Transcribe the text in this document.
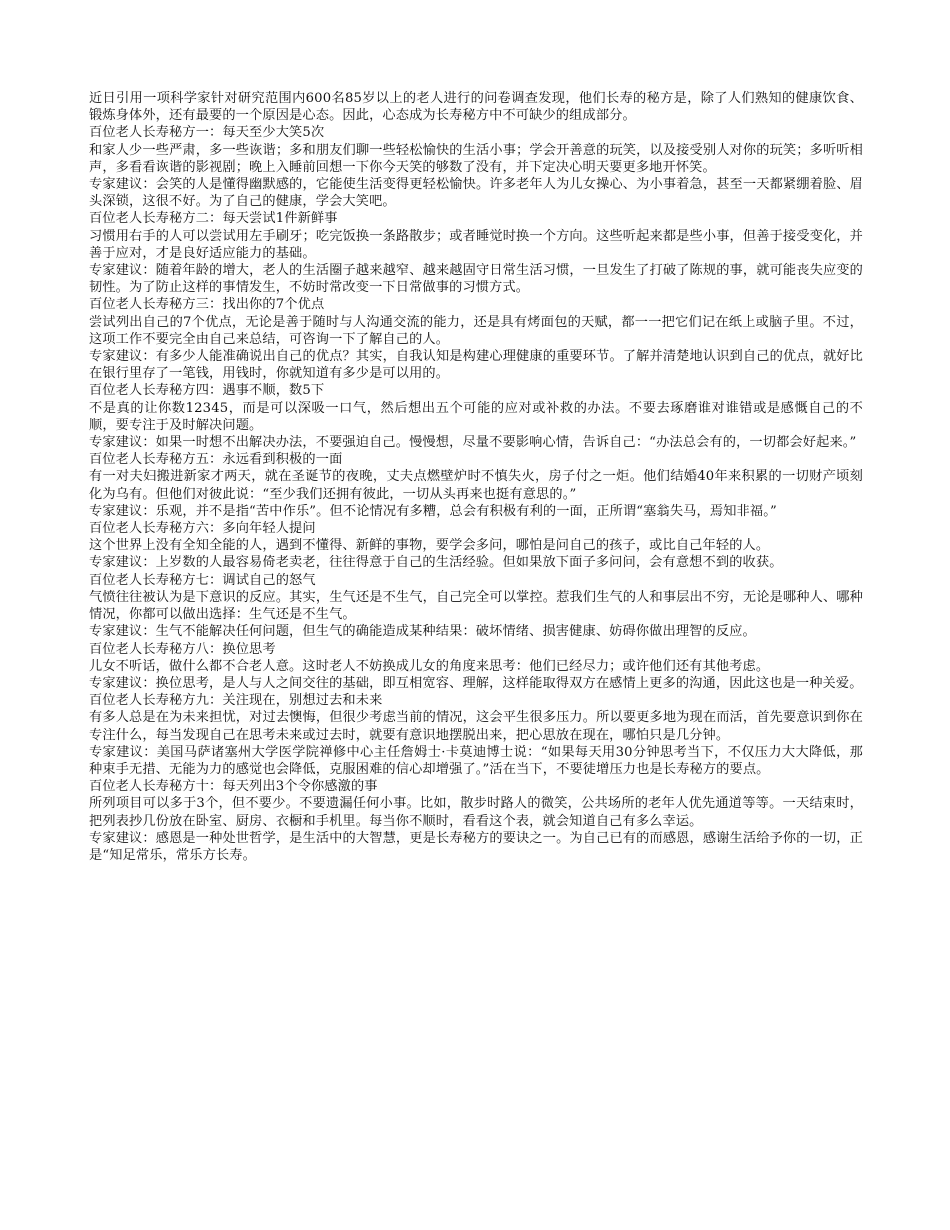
近日引用一项科学家针对研究范围内600名85岁以上的老人进行的问卷调查发现，他们长寿的秘方是，除了人们熟知的健康饮食、锻炼身体外，还有最要的一个原因是心态。因此，心态成为长寿秘方中不可缺少的组成部分。

百位老人长寿秘方一：每天至少大笑5次

和家人少一些严肃，多一些诙谐；多和朋友们聊一些轻松愉快的生活小事；学会开善意的玩笑，以及接受别人对你的玩笑；多听听相声，多看看诙谐的影视剧；晚上入睡前回想一下你今天笑的够数了没有，并下定决心明天要更多地开怀笑。

专家建议：会笑的人是懂得幽默感的，它能使生活变得更轻松愉快。许多老年人为儿女操心、为小事着急，甚至一天都紧绷着脸、眉头深锁，这很不好。为了自己的健康，学会大笑吧。

百位老人长寿秘方二：每天尝试1件新鲜事

习惯用右手的人可以尝试用左手刷牙；吃完饭换一条路散步；或者睡觉时换一个方向。这些听起来都是些小事，但善于接受变化，并善于应对，才是良好适应能力的基础。

专家建议：随着年龄的增大，老人的生活圈子越来越窄、越来越固守日常生活习惯，一旦发生了打破了陈规的事，就可能丧失应变的韧性。为了防止这样的事情发生，不妨时常改变一下日常做事的习惯方式。

百位老人长寿秘方三：找出你的7个优点

尝试列出自己的7个优点，无论是善于随时与人沟通交流的能力，还是具有烤面包的天赋，都一一把它们记在纸上或脑子里。不过，这项工作不要完全由自己来总结，可咨询一下了解自己的人。

专家建议：有多少人能准确说出自己的优点？其实，自我认知是构建心理健康的重要环节。了解并清楚地认识到自己的优点，就好比在银行里存了一笔钱，用钱时，你就知道有多少是可以用的。

百位老人长寿秘方四：遇事不顺，数5下

不是真的让你数12345，而是可以深吸一口气，然后想出五个可能的应对或补救的办法。不要去琢磨谁对谁错或是感慨自己的不顺，要专注于及时解决问题。

专家建议：如果一时想不出解决办法，不要强迫自己。慢慢想，尽量不要影响心情，告诉自己：“办法总会有的，一切都会好起来。”

百位老人长寿秘方五：永远看到积极的一面

有一对夫妇搬进新家才两天，就在圣诞节的夜晚，丈夫点燃壁炉时不慎失火，房子付之一炬。他们结婚40年来积累的一切财产顷刻化为乌有。但他们对彼此说：“至少我们还拥有彼此，一切从头再来也挺有意思的。”

专家建议：乐观，并不是指“苦中作乐”。但不论情况有多糟，总会有积极有利的一面，正所谓“塞翁失马，焉知非福。”

百位老人长寿秘方六：多向年轻人提问

这个世界上没有全知全能的人，遇到不懂得、新鲜的事物，要学会多问，哪怕是问自己的孩子，或比自己年轻的人。

专家建议：上岁数的人最容易倚老卖老，往往得意于自己的生活经验。但如果放下面子多问问，会有意想不到的收获。

百位老人长寿秘方七：调试自己的怒气

气愤往往被认为是下意识的反应。其实，生气还是不生气，自己完全可以掌控。惹我们生气的人和事层出不穷，无论是哪种人、哪种情况，你都可以做出选择：生气还是不生气。

专家建议：生气不能解决任何问题，但生气的确能造成某种结果：破坏情绪、损害健康、妨碍你做出理智的反应。

百位老人长寿秘方八：换位思考

儿女不听话，做什么都不合老人意。这时老人不妨换成儿女的角度来思考：他们已经尽力；或许他们还有其他考虑。

专家建议：换位思考，是人与人之间交往的基础，即互相宽容、理解，这样能取得双方在感情上更多的沟通，因此这也是一种关爱。

百位老人长寿秘方九：关注现在，别想过去和未来

有多人总是在为未来担忧，对过去懊悔，但很少考虑当前的情况，这会平生很多压力。所以要更多地为现在而活，首先要意识到你在专注什么，每当发现自己在思考未来或过去时，就要有意识地摆脱出来，把心思放在现在，哪怕只是几分钟。

专家建议：美国马萨诸塞州大学医学院禅修中心主任詹姆士·卡莫迪博士说：“如果每天用30分钟思考当下，不仅压力大大降低，那种束手无措、无能为力的感觉也会降低，克服困难的信心却增强了。”活在当下，不要徒增压力也是长寿秘方的要点。

百位老人长寿秘方十：每天列出3个令你感激的事

所列项目可以多于3个，但不要少。不要遗漏任何小事。比如，散步时路人的微笑，公共场所的老年人优先通道等等。一天结束时，把列表抄几份放在卧室、厨房、衣橱和手机里。每当你不顺时，看看这个表，就会知道自己有多么幸运。

专家建议：感恩是一种处世哲学，是生活中的大智慧，更是长寿秘方的要诀之一。为自己已有的而感恩，感谢生活给予你的一切，正是“知足常乐，常乐方长寿。
